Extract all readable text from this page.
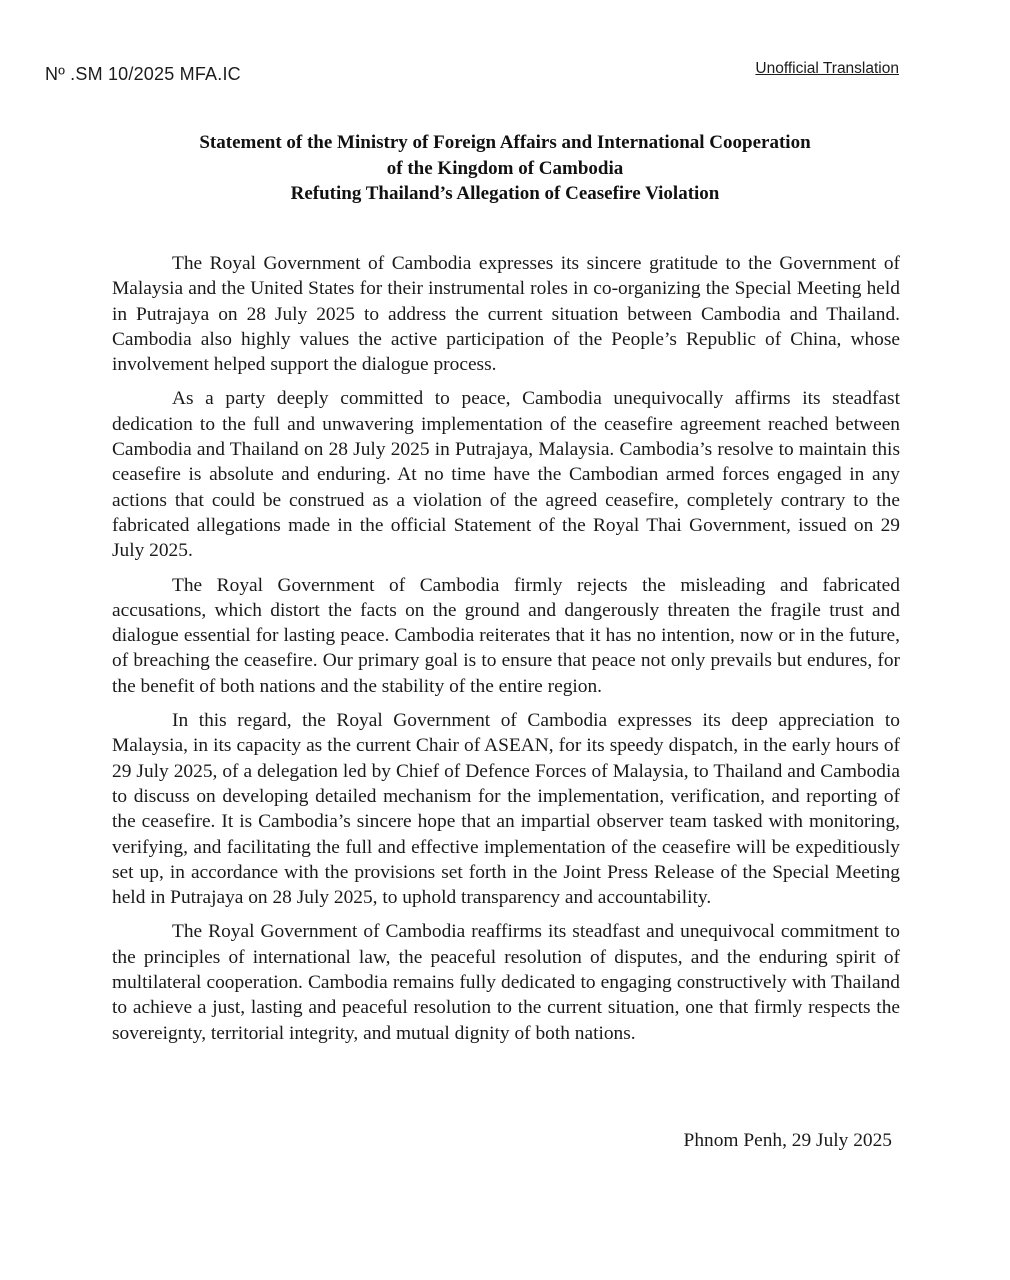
Nº .SM 10/2025 MFA.IC	Unofficial Translation
Statement of the Ministry of Foreign Affairs and International Cooperation
of the Kingdom of Cambodia
Refuting Thailand’s Allegation of Ceasefire Violation

The Royal Government of Cambodia expresses its sincere gratitude to the Government of Malaysia and the United States for their instrumental roles in co-organizing the Special Meeting held in Putrajaya on 28 July 2025 to address the current situation between Cambodia and Thailand. Cambodia also highly values the active participation of the People’s Republic of China, whose involvement helped support the dialogue process.

As a party deeply committed to peace, Cambodia unequivocally affirms its steadfast dedication to the full and unwavering implementation of the ceasefire agreement reached between Cambodia and Thailand on 28 July 2025 in Putrajaya, Malaysia. Cambodia’s resolve to maintain this ceasefire is absolute and enduring. At no time have the Cambodian armed forces engaged in any actions that could be construed as a violation of the agreed ceasefire, completely contrary to the fabricated allegations made in the official Statement of the Royal Thai Government, issued on 29 July 2025.

The Royal Government of Cambodia firmly rejects the misleading and fabricated accusations, which distort the facts on the ground and dangerously threaten the fragile trust and dialogue essential for lasting peace. Cambodia reiterates that it has no intention, now or in the future, of breaching the ceasefire. Our primary goal is to ensure that peace not only prevails but endures, for the benefit of both nations and the stability of the entire region.

In this regard, the Royal Government of Cambodia expresses its deep appreciation to Malaysia, in its capacity as the current Chair of ASEAN, for its speedy dispatch, in the early hours of 29 July 2025, of a delegation led by Chief of Defence Forces of Malaysia, to Thailand and Cambodia to discuss on developing detailed mechanism for the implementation, verification, and reporting of the ceasefire. It is Cambodia’s sincere hope that an impartial observer team tasked with monitoring, verifying, and facilitating the full and effective implementation of the ceasefire will be expeditiously set up, in accordance with the provisions set forth in the Joint Press Release of the Special Meeting held in Putrajaya on 28 July 2025, to uphold transparency and accountability.

The Royal Government of Cambodia reaffirms its steadfast and unequivocal commitment to the principles of international law, the peaceful resolution of disputes, and the enduring spirit of multilateral cooperation. Cambodia remains fully dedicated to engaging constructively with Thailand to achieve a just, lasting and peaceful resolution to the current situation, one that firmly respects the sovereignty, territorial integrity, and mutual dignity of both nations.

Phnom Penh, 29 July 2025
